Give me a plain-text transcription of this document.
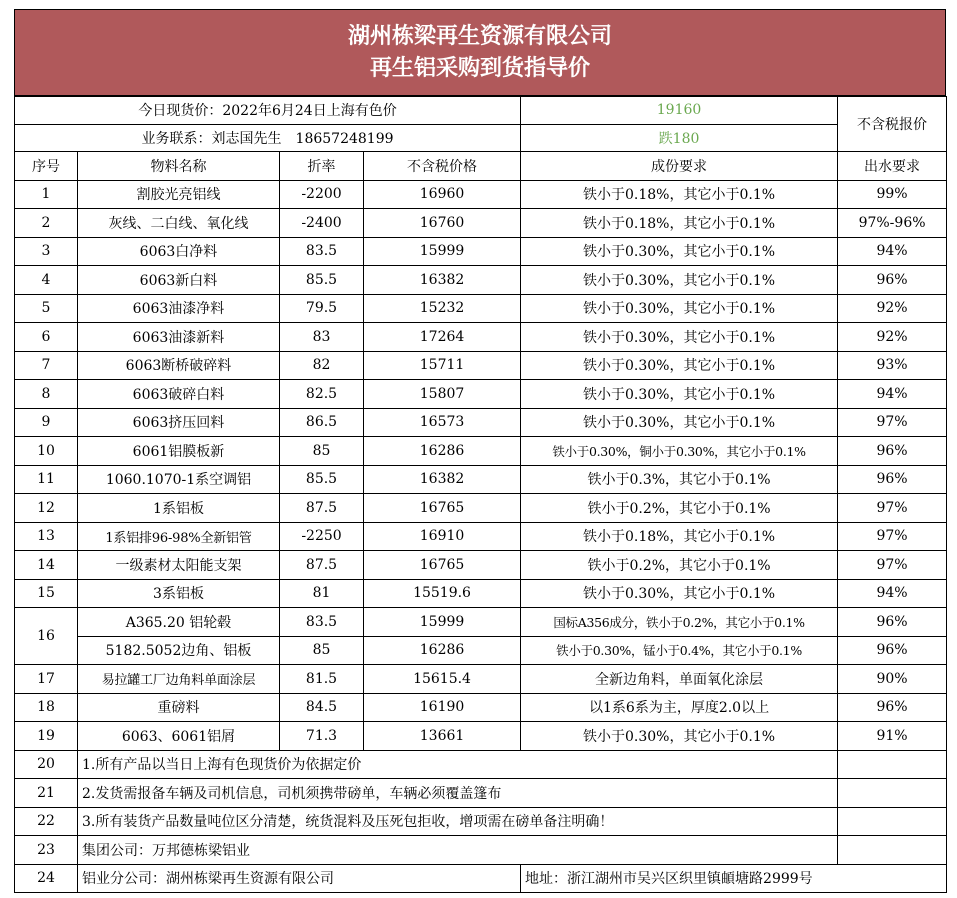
湖州栋梁再生资源有限公司
再生铝采购到货指导价
今日现货价：2022年6月24日上海有色价				19160	不含税报价
业务联系：刘志国先生　18657248199				跌180	
序号	物料名称	折率	不含税价格	成份要求	出水要求
1	割胶光亮铝线	-2200	16960	铁小于0.18%，其它小于0.1%	99%
2	灰线、二白线、氧化线	-2400	16760	铁小于0.18%，其它小于0.1%	97%-96%
3	6063白净料	83.5	15999	铁小于0.30%，其它小于0.1%	94%
4	6063新白料	85.5	16382	铁小于0.30%，其它小于0.1%	96%
5	6063油漆净料	79.5	15232	铁小于0.30%，其它小于0.1%	92%
6	6063油漆新料	83	17264	铁小于0.30%，其它小于0.1%	92%
7	6063断桥破碎料	82	15711	铁小于0.30%，其它小于0.1%	93%
8	6063破碎白料	82.5	15807	铁小于0.30%，其它小于0.1%	94%
9	6063挤压回料	86.5	16573	铁小于0.30%，其它小于0.1%	97%
10	6061铝膜板新	85	16286	铁小于0.30%，铜小于0.30%，其它小于0.1%	96%
11	1060.1070-1系空调铝	85.5	16382	铁小于0.3%，其它小于0.1%	96%
12	1系铝板	87.5	16765	铁小于0.2%，其它小于0.1%	97%
13	1系铝排96-98%全新铝管	-2250	16910	铁小于0.18%，其它小于0.1%	97%
14	一级素材太阳能支架	87.5	16765	铁小于0.2%，其它小于0.1%	97%
15	3系铝板	81	15519.6	铁小于0.30%，其它小于0.1%	94%
16	A365.20 铝轮毂	83.5	15999	国标A356成分，铁小于0.2%，其它小于0.1%	96%
	5182.5052边角、铝板	85	16286	铁小于0.30%，锰小于0.4%，其它小于0.1%	96%
17	易拉罐工厂边角料单面涂层	81.5	15615.4	全新边角料，单面氧化涂层	90%
18	重磅料	84.5	16190	以1系6系为主，厚度2.0以上	96%
19	6063、6061铝屑	71.3	13661	铁小于0.30%，其它小于0.1%	91%
20	1.所有产品以当日上海有色现货价为依据定价				
21	2.发货需报备车辆及司机信息，司机须携带磅单，车辆必须覆盖篷布				
22	3.所有装货产品数量吨位区分清楚，统货混料及压死包拒收，增项需在磅单备注明确！				
23	集团公司：万邦德栋梁铝业				
24	铝业分公司：湖州栋梁再生资源有限公司			地址：浙江湖州市吴兴区织里镇頔塘路2999号	
